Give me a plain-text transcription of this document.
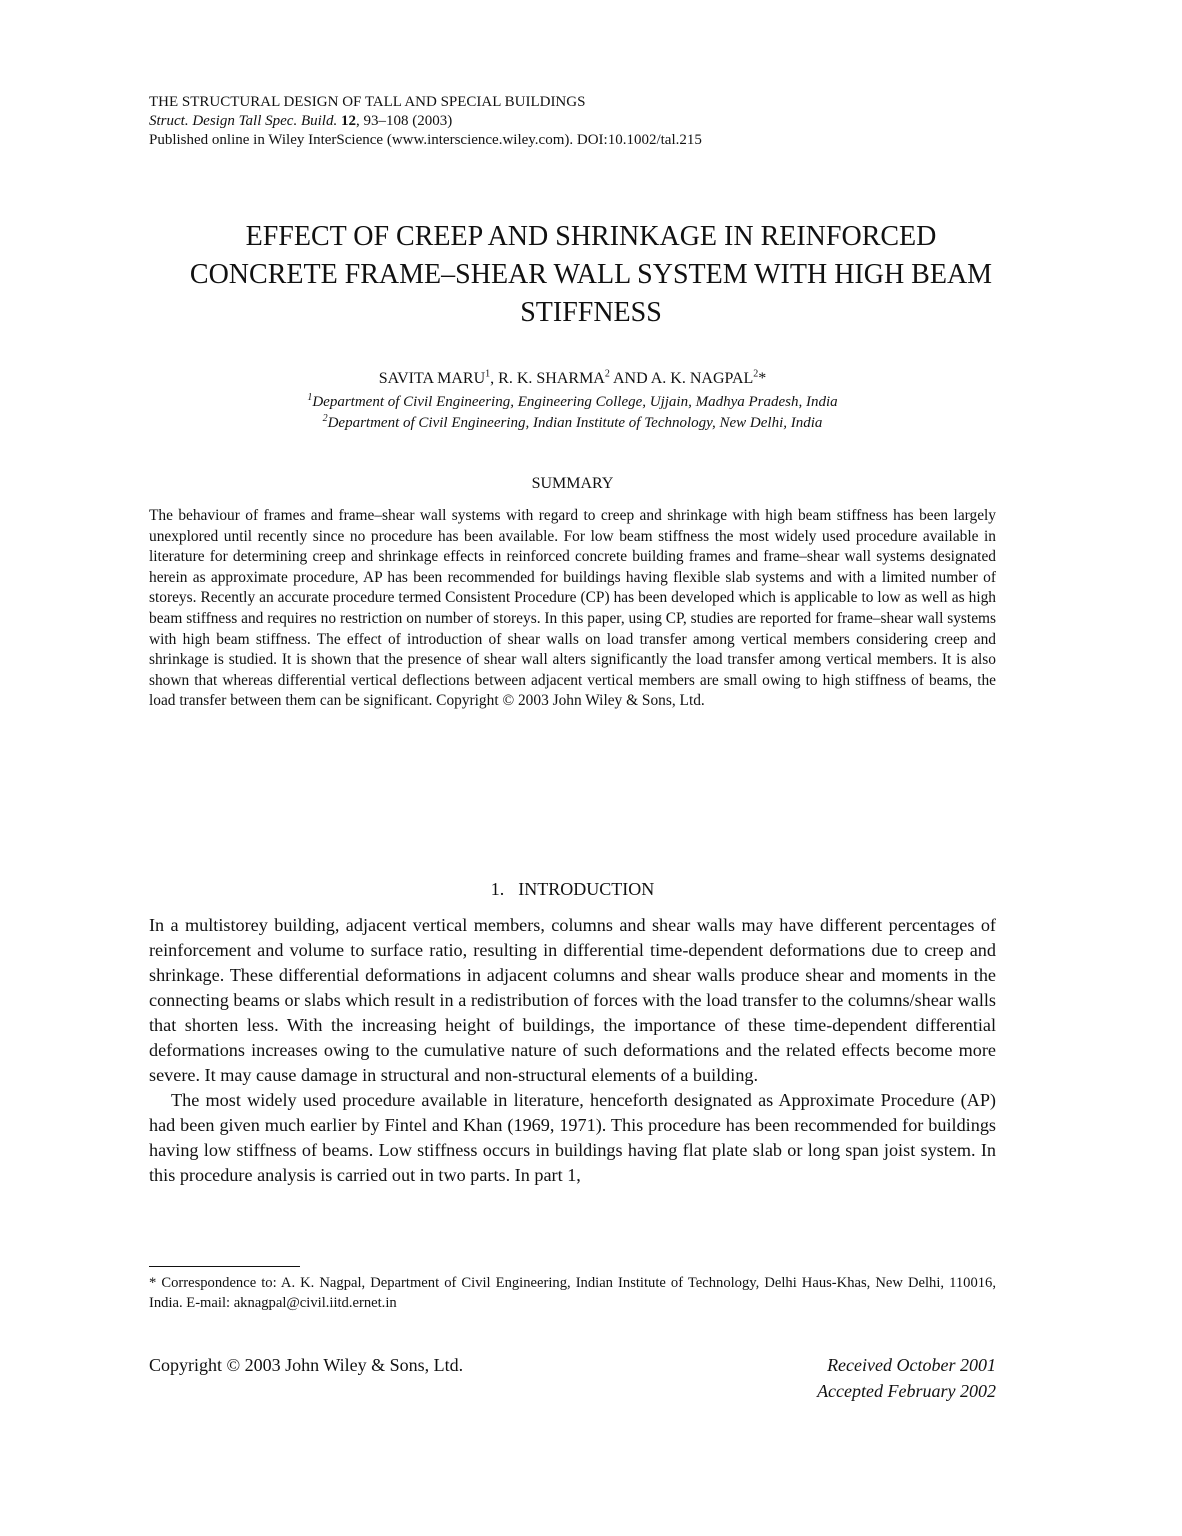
THE STRUCTURAL DESIGN OF TALL AND SPECIAL BUILDINGS
Struct. Design Tall Spec. Build. 12, 93–108 (2003)
Published online in Wiley InterScience (www.interscience.wiley.com). DOI:10.1002/tal.215
EFFECT OF CREEP AND SHRINKAGE IN REINFORCED
CONCRETE FRAME–SHEAR WALL SYSTEM WITH HIGH BEAM
STIFFNESS
SAVITA MARU$^1$, R. K. SHARMA$^2$ AND A. K. NAGPAL$^2$*
$^1$Department of Civil Engineering, Engineering College, Ujjain, Madhya Pradesh, India
$^2$Department of Civil Engineering, Indian Institute of Technology, New Delhi, India
SUMMARY

The behaviour of frames and frame–shear wall systems with regard to creep and shrinkage with high beam stiffness has been largely unexplored until recently since no procedure has been available. For low beam stiffness the most widely used procedure available in literature for determining creep and shrinkage effects in reinforced concrete building frames and frame–shear wall systems designated herein as approximate procedure, AP has been recommended for buildings having flexible slab systems and with a limited number of storeys. Recently an accurate procedure termed Consistent Procedure (CP) has been developed which is applicable to low as well as high beam stiffness and requires no restriction on number of storeys. In this paper, using CP, studies are reported for frame–shear wall systems with high beam stiffness. The effect of introduction of shear walls on load transfer among vertical members considering creep and shrinkage is studied. It is shown that the presence of shear wall alters significantly the load transfer among vertical members. It is also shown that whereas differential vertical deflections between adjacent vertical members are small owing to high stiffness of beams, the load transfer between them can be significant. Copyright © 2003 John Wiley & Sons, Ltd.

1. INTRODUCTION

In a multistorey building, adjacent vertical members, columns and shear walls may have different percentages of reinforcement and volume to surface ratio, resulting in differential time-dependent deformations due to creep and shrinkage. These differential deformations in adjacent columns and shear walls produce shear and moments in the connecting beams or slabs which result in a redistribution of forces with the load transfer to the columns/shear walls that shorten less. With the increasing height of buildings, the importance of these time-dependent differential deformations increases owing to the cumulative nature of such deformations and the related effects become more severe. It may cause damage in structural and non-structural elements of a building.

The most widely used procedure available in literature, henceforth designated as Approximate Procedure (AP) had been given much earlier by Fintel and Khan (1969, 1971). This procedure has been recommended for buildings having low stiffness of beams. Low stiffness occurs in buildings having flat plate slab or long span joist system. In this procedure analysis is carried out in two parts. In part 1,

* Correspondence to: A. K. Nagpal, Department of Civil Engineering, Indian Institute of Technology, Delhi Haus-Khas, New Delhi, 110016, India. E-mail: aknagpal@civil.iitd.ernet.in
Copyright © 2003 John Wiley & Sons, Ltd.	Received October 2001
Accepted February 2002
